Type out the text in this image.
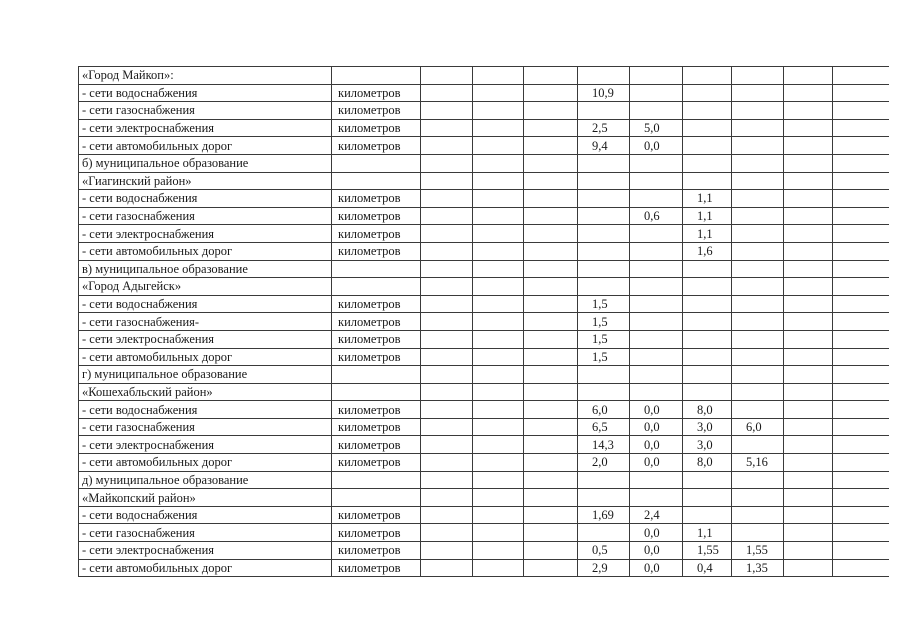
«Город Майкоп»:										
- сети водоснабжения	километров				10,9					
- сети газоснабжения	километров									
- сети электроснабжения	километров				2,5	5,0				
- сети автомобильных дорог	километров				9,4	0,0				
б) муниципальное образование										
«Гиагинский район»										
- сети водоснабжения	километров						1,1			
- сети газоснабжения	километров					0,6	1,1			
- сети электроснабжения	километров						1,1			
- сети автомобильных дорог	километров						1,6			
в) муниципальное образование										
«Город Адыгейск»										
- сети водоснабжения	километров				1,5					
- сети газоснабжения-	километров				1,5					
- сети электроснабжения	километров				1,5					
- сети автомобильных дорог	километров				1,5					
г) муниципальное образование										
«Кошехабльский район»										
- сети водоснабжения	километров				6,0	0,0	8,0			
- сети газоснабжения	километров				6,5	0,0	3,0	6,0		
- сети электроснабжения	километров				14,3	0,0	3,0			
- сети автомобильных дорог	километров				2,0	0,0	8,0	5,16		
д) муниципальное образование										
«Майкопский район»										
- сети водоснабжения	километров				1,69	2,4				
- сети газоснабжения	километров					0,0	1,1			
- сети электроснабжения	километров				0,5	0,0	1,55	1,55		
- сети автомобильных дорог	километров				2,9	0,0	0,4	1,35		
